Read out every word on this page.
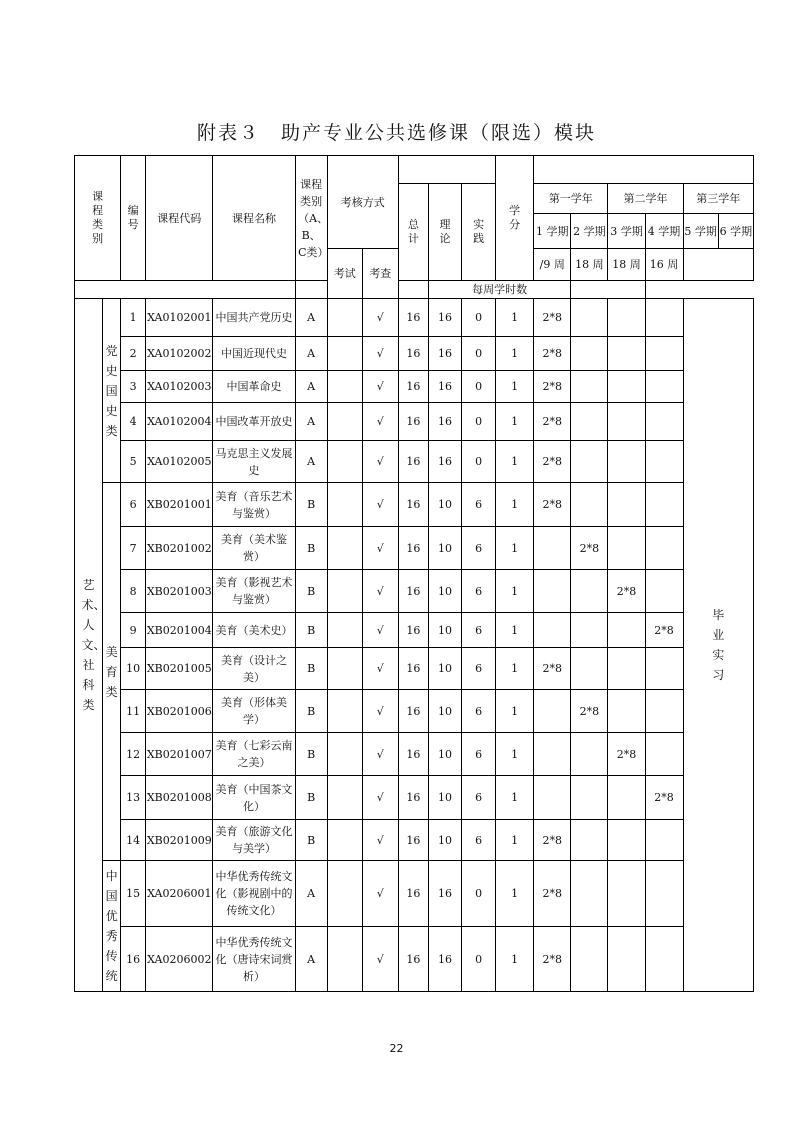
附表３　助产专业公共选修课（限选）模块
课程类别		编号	课程代码	课程名称	课程类别（A、B、C类）	考核方式					学分						
								总计	理论	实践		第一学年		第二学年		第三学年	
												1 学期	2 学期	3 学期	4 学期	5 学期	6 学期
						考试	考查					/9 周	18 周	18 周	16 周		
									每周学时数								
艺术、人文、社科类	党史国史类	1	XA0102001	中国共产党历史	A		√	16	16	0	1	2*8				毕业实习	
		2	XA0102002	中国近现代史	A		√	16	16	0	1	2*8					
		3	XA0102003	中国革命史	A		√	16	16	0	1	2*8					
		4	XA0102004	中国改革开放史	A		√	16	16	0	1	2*8					
		5	XA0102005	马克思主义发展史	A		√	16	16	0	1	2*8					
	美育类	6	XB0201001	美育（音乐艺术与鉴赏）	B		√	16	10	6	1	2*8					
		7	XB0201002	美育（美术鉴赏）	B		√	16	10	6	1		2*8				
		8	XB0201003	美育（影视艺术与鉴赏）	B		√	16	10	6	1			2*8			
		9	XB0201004	美育（美术史）	B		√	16	10	6	1				2*8		
		10	XB0201005	美育（设计之美）	B		√	16	10	6	1	2*8					
		11	XB0201006	美育（形体美学）	B		√	16	10	6	1		2*8				
		12	XB0201007	美育（七彩云南之美）	B		√	16	10	6	1			2*8			
		13	XB0201008	美育（中国茶文化）	B		√	16	10	6	1				2*8		
		14	XB0201009	美育（旅游文化与美学）	B		√	16	10	6	1	2*8					
	中国优秀传统	15	XA0206001	中华优秀传统文化（影视剧中的传统文化）	A		√	16	16	0	1	2*8					
		16	XA0206002	中华优秀传统文化（唐诗宋词赏析）	A		√	16	16	0	1	2*8					
22
